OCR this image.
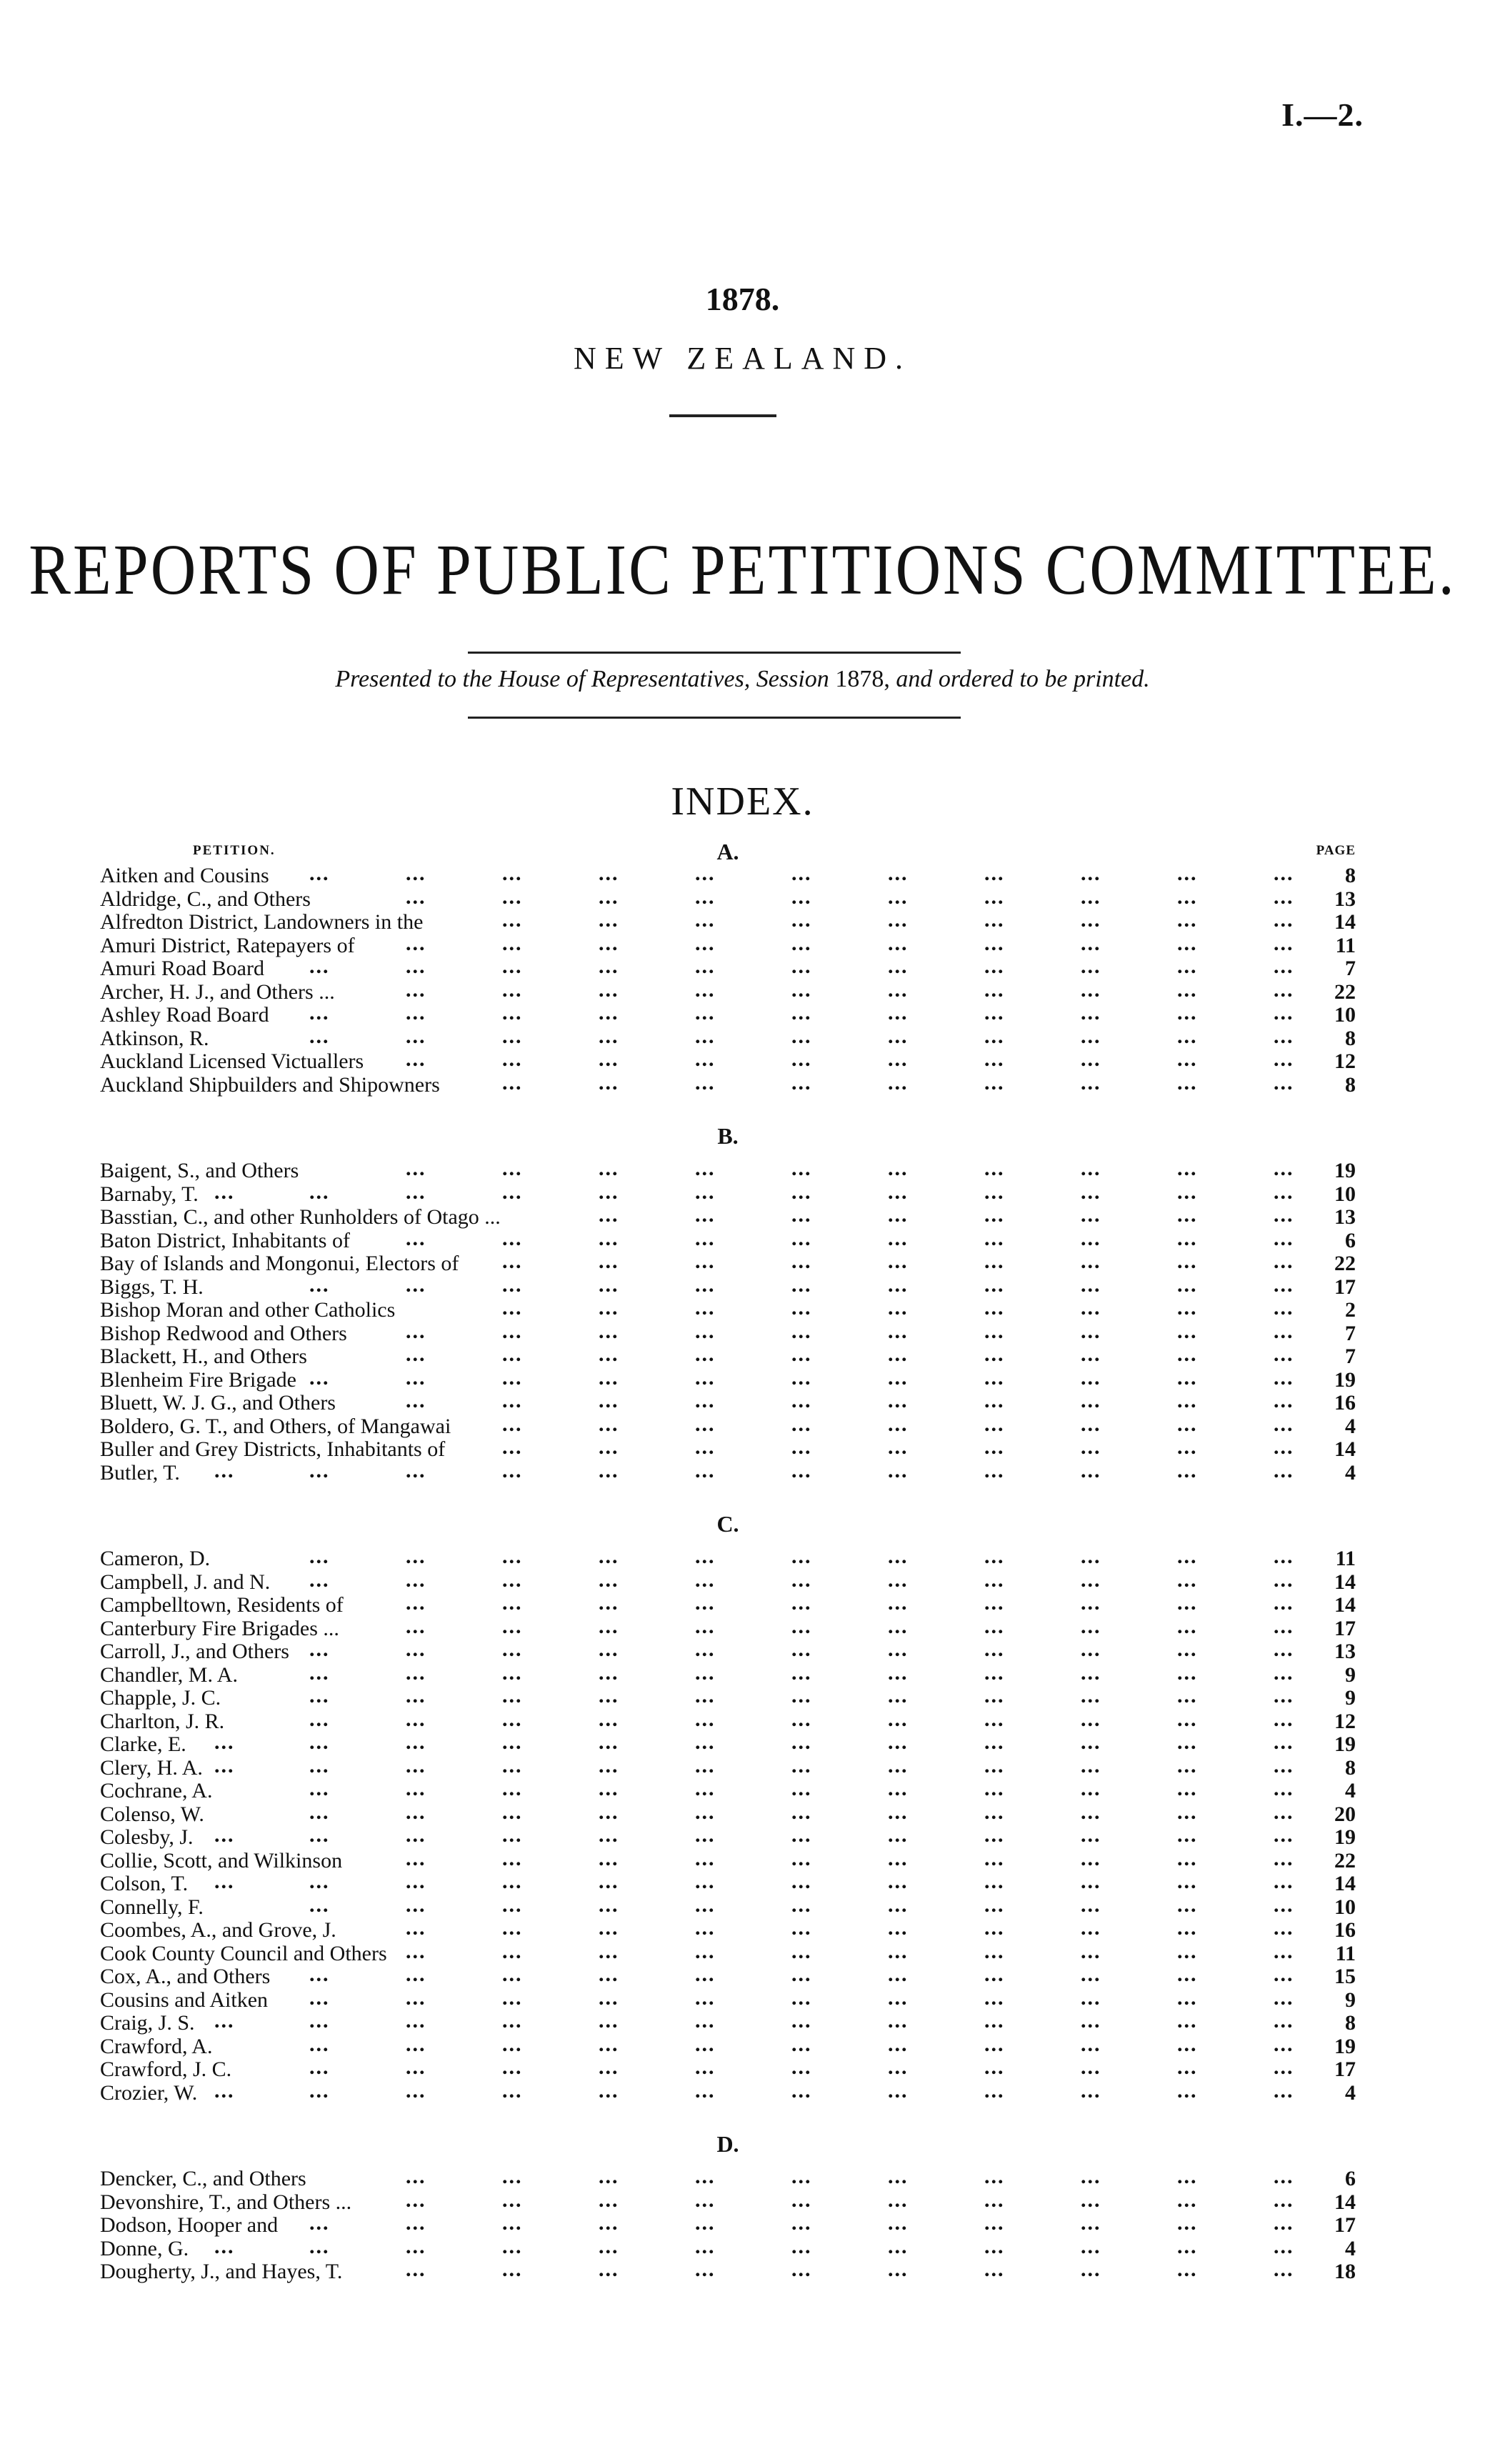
I.—2.
1878.
NEW ZEALAND.
REPORTS OF PUBLIC PETITIONS COMMITTEE.
Presented to the House of Representatives, Session 1878, and ordered to be printed.
INDEX.
PETITION.	A.	PAGE
Aitken and Cousins ...	...	...	...	...	...	...	...	...	...	... 8
Aldridge, C., and Others	...	...	...	...	...	...	...	...	...	... 13
Alfredton District, Landowners in the	...	...	...	...	...	...	...	...	... 14
Amuri District, Ratepayers of ...	...	...	...	...	...	...	...	...	... 11
Amuri Road Board ...	...	...	...	...	...	...	...	...	...	... 7
Archer, H. J., and Others ...	...	...	...	...	...	...	...	...	...	... 22
Ashley Road Board ...	...	...	...	...	...	...	...	...	...	... 10
Atkinson, R.	...	...	...	...	...	...	...	...	...	...	... 8
Auckland Licensed Victuallers ...	...	...	...	...	...	...	...	...	... 12
Auckland Shipbuilders and Shipowners	...	...	...	...	...	...	...	...	... 8
B.
Baigent, S., and Others	...	...	...	...	...	...	...	...	...	... 19
Barnaby, T. ...	...	...	...	...	...	...	...	...	...	...	... 10
Basstian, C., and other Runholders of Otago ...	...	...	...	...	...	...	...	... 13
Baton District, Inhabitants of	...	...	...	...	...	...	...	...	...	... 6
Bay of Islands and Mongonui, Electors of ...	...	...	...	...	...	...	...	... 22
Biggs, T. H.	...	...	...	...	...	...	...	...	...	...	... 17
Bishop Moran and other Catholics	...	...	...	...	...	...	...	...	... 2
Bishop Redwood and Others	...	...	...	...	...	...	...	...	...	... 7
Blackett, H., and Others	...	...	...	...	...	...	...	...	...	... 7
Blenheim Fire Brigade ...	...	...	...	...	...	...	...	...	...	... 19
Bluett, W. J. G., and Others	...	...	...	...	...	...	...	...	...	... 16
Boldero, G. T., and Others, of Mangawai ...	...	...	...	...	...	...	...	... 4
Buller and Grey Districts, Inhabitants of	...	...	...	...	...	...	...	...	... 14
Butler, T. ...	...	...	...	...	...	...	...	...	...	...	... 4
C.
Cameron, D.	...	...	...	...	...	...	...	...	...	...	... 11
Campbell, J. and N. ...	...	...	...	...	...	...	...	...	...	... 14
Campbelltown, Residents of	...	...	...	...	...	...	...	...	...	... 14
Canterbury Fire Brigades ...	...	...	...	...	...	...	...	...	...	... 17
Carroll, J., and Others ...	...	...	...	...	...	...	...	...	...	... 13
Chandler, M. A.	...	...	...	...	...	...	...	...	...	...	... 9
Chapple, J. C.	...	...	...	...	...	...	...	...	...	...	... 9
Charlton, J. R.	...	...	...	...	...	...	...	...	...	...	... 12
Clarke, E. ...	...	...	...	...	...	...	...	...	...	...	... 19
Clery, H. A. ...	...	...	...	...	...	...	...	...	...	...	... 8
Cochrane, A.	...	...	...	...	...	...	...	...	...	...	... 4
Colenso, W.	...	...	...	...	...	...	...	...	...	...	... 20
Colesby, J. ...	...	...	...	...	...	...	...	...	...	...	... 19
Collie, Scott, and Wilkinson	...	...	...	...	...	...	...	...	...	... 22
Colson, T. ...	...	...	...	...	...	...	...	...	...	...	... 14
Connelly, F.	...	...	...	...	...	...	...	...	...	...	... 10
Coombes, A., and Grove, J.	...	...	...	...	...	...	...	...	...	... 16
Cook County Council and Others ...	...	...	...	...	...	...	...	...	... 11
Cox, A., and Others ...	...	...	...	...	...	...	...	...	...	... 15
Cousins and Aitken ...	...	...	...	...	...	...	...	...	...	... 9
Craig, J. S. ...	...	...	...	...	...	...	...	...	...	...	... 8
Crawford, A.	...	...	...	...	...	...	...	...	...	...	... 19
Crawford, J. C.	...	...	...	...	...	...	...	...	...	...	... 17
Crozier, W. ...	...	...	...	...	...	...	...	...	...	...	... 4
D.
Dencker, C., and Others	...	...	...	...	...	...	...	...	...	... 6
Devonshire, T., and Others ...	...	...	...	...	...	...	...	...	...	... 14
Dodson, Hooper and ...	...	...	...	...	...	...	...	...	...	... 17
Donne, G. ...	...	...	...	...	...	...	...	...	...	...	... 4
Dougherty, J., and Hayes, T.	...	...	...	...	...	...	...	...	...	... 18
